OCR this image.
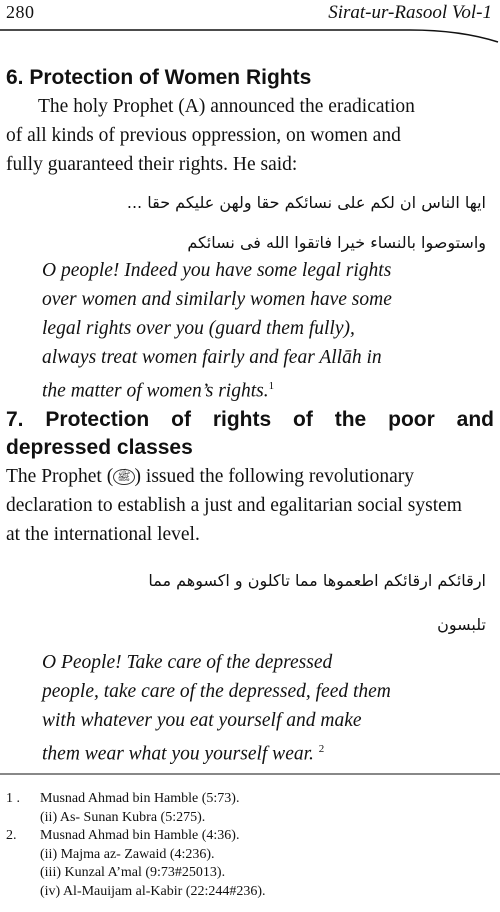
280	Sirat-ur-Rasool Vol-1
6. Protection of Women Rights
The holy Prophet (A) announced the eradication
of all kinds of previous oppression, on women and
fully guaranteed their rights. He said:

ايها الناس ان لكم على نسائكم حقا ولهن عليكم حقا ...

واستوصوا بالنساء خيرا فاتقوا الله فى نسائكم

O people! Indeed you have some legal rights
over women and similarly women have some
legal rights over you (guard them fully),
always treat women fairly and fear Allāh in
the matter of women’s rights.$^1$
7. Protection of rights of the poor and
depressed classes
The Prophet ( ﷺ ) issued the following revolutionary
declaration to establish a just and egalitarian social system
at the international level.

ارقائكم ارقائكم اطعموها مما تاكلون و اكسوهم مما

تلبسون

O People! Take care of the depressed
people, take care of the depressed, feed them
with whatever you eat yourself and make
them wear what you yourself wear. $^2$
1 .	Musnad Ahmad bin Hamble (5:73).
(ii) As- Sunan Kubra (5:275).
2.	Musnad Ahmad bin Hamble (4:36).
(ii) Majma az- Zawaid (4:236).
(iii) Kunzal A’mal (9:73#25013).
(iv) Al-Mauijam al-Kabir (22:244#236).
